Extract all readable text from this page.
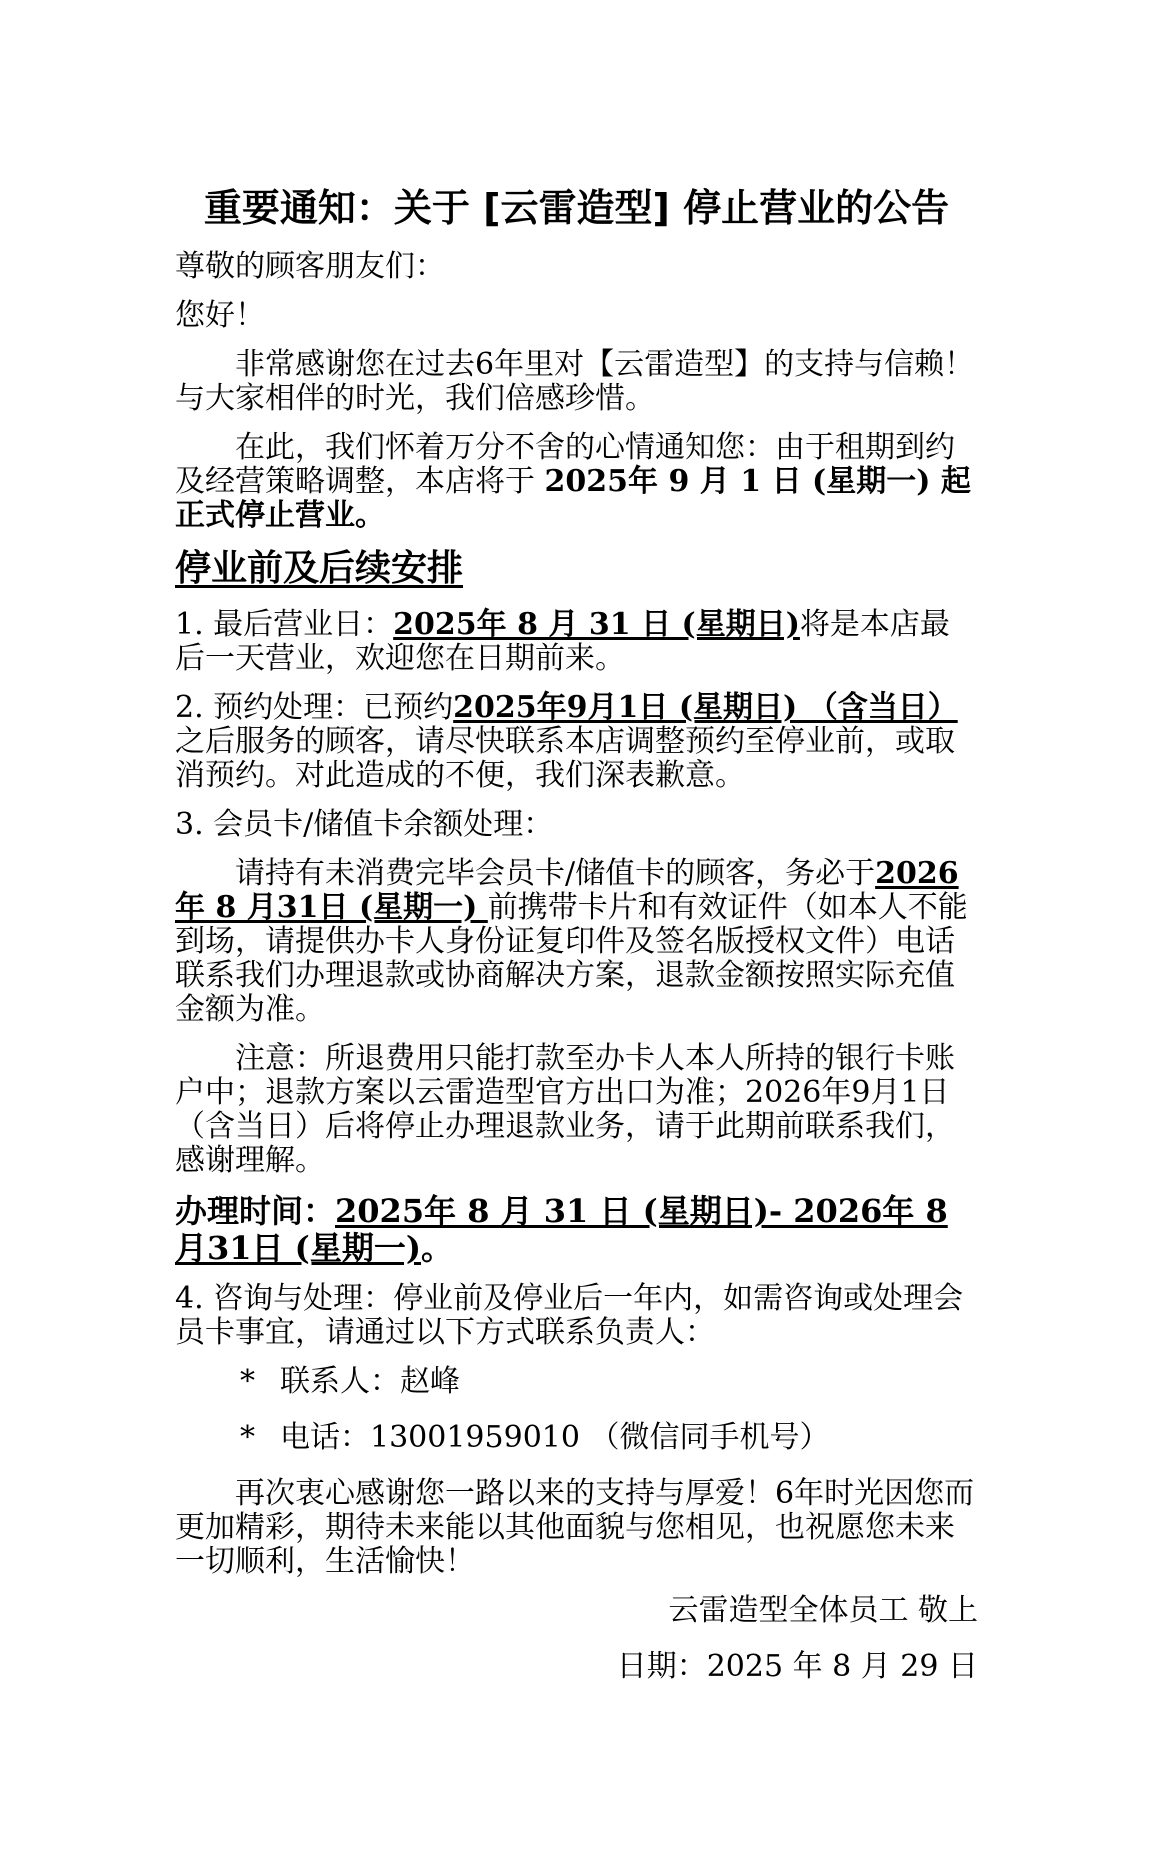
重要通知：关于 [云雷造型] 停止营业的公告

尊敬的顾客朋友们：

您好！

非常感谢您在过去6年里对【云雷造型】的支持与信赖！与大家相伴的时光，我们倍感珍惜。

在此，我们怀着万分不舍的心情通知您：由于租期到约及经营策略调整，本店将于 2025年 9 月 1 日 (星期一) 起正式停止营业。

停业前及后续安排

1. 最后营业日：2025年 8 月 31 日 (星期日)将是本店最后一天营业，欢迎您在日期前来。

2. 预约处理：已预约2025年9月1日 (星期日) （含当日）之后服务的顾客，请尽快联系本店调整预约至停业前，或取消预约。对此造成的不便，我们深表歉意。

3. 会员卡/储值卡余额处理：

请持有未消费完毕会员卡/储值卡的顾客，务必于2026年 8 月31日 (星期一) 前携带卡片和有效证件（如本人不能到场，请提供办卡人身份证复印件及签名版授权文件）电话联系我们办理退款或协商解决方案，退款金额按照实际充值金额为准。

注意：所退费用只能打款至办卡人本人所持的银行卡账户中；退款方案以云雷造型官方出口为准；2026年9月1日（含当日）后将停止办理退款业务，请于此期前联系我们，感谢理解。

办理时间：2025年 8 月 31 日 (星期日)- 2026年 8 月31日 (星期一)。

4. 咨询与处理：停业前及停业后一年内，如需咨询或处理会员卡事宜，请通过以下方式联系负责人：

* 联系人：赵峰
* 电话：13001959010 （微信同手机号）

再次衷心感谢您一路以来的支持与厚爱！6年时光因您而更加精彩，期待未来能以其他面貌与您相见，也祝愿您未来一切顺利，生活愉快！

云雷造型全体员工 敬上
日期：2025 年 8 月 29 日
